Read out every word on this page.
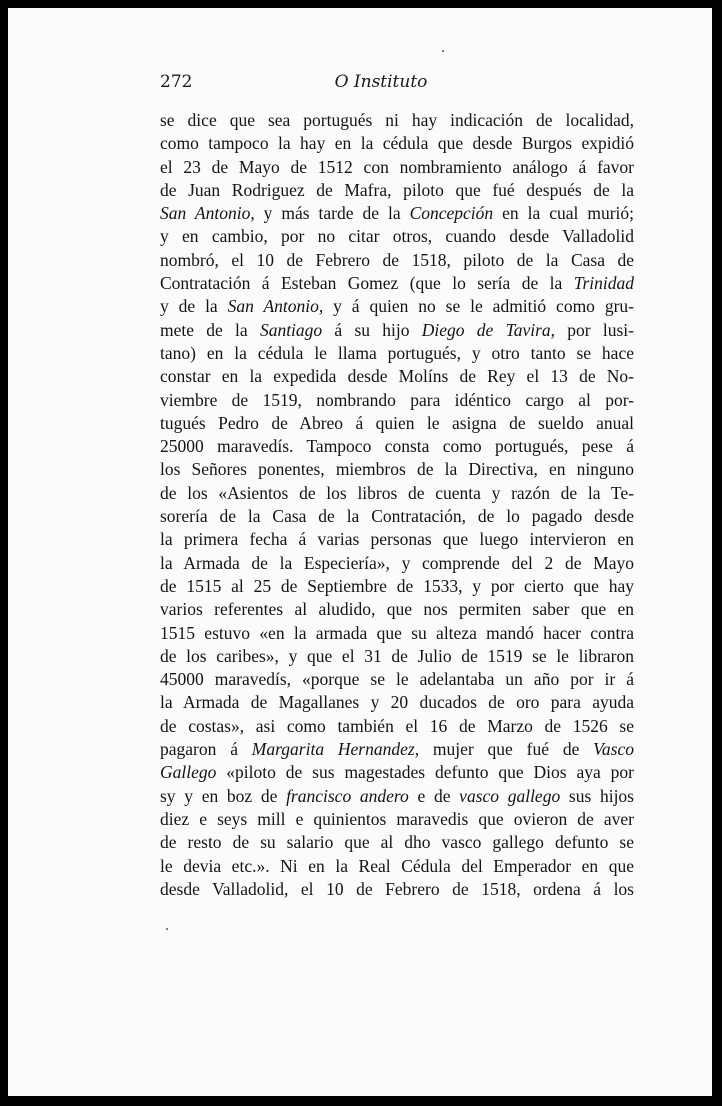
272	O Instituto
se dice que sea portugués ni hay indicación de localidad,
como tampoco la hay en la cédula que desde Burgos expidió
el 23 de Mayo de 1512 con nombramiento análogo á favor
de Juan Rodriguez de Mafra, piloto que fué después de la
San Antonio, y más tarde de la Concepción en la cual murió;
y en cambio, por no citar otros, cuando desde Valladolid
nombró, el 10 de Febrero de 1518, piloto de la Casa de
Contratación á Esteban Gomez (que lo sería de la Trinidad
y de la San Antonio, y á quien no se le admitió como gru-
mete de la Santiago á su hijo Diego de Tavira, por lusi-
tano) en la cédula le llama portugués, y otro tanto se hace
constar en la expedida desde Molíns de Rey el 13 de No-
viembre de 1519, nombrando para idéntico cargo al por-
tugués Pedro de Abreo á quien le asigna de sueldo anual
25000 maravedís. Tampoco consta como portugués, pese á
los Señores ponentes, miembros de la Directiva, en ninguno
de los «Asientos de los libros de cuenta y razón de la Te-
sorería de la Casa de la Contratación, de lo pagado desde
la primera fecha á varias personas que luego intervieron en
la Armada de la Especiería», y comprende del 2 de Mayo
de 1515 al 25 de Septiembre de 1533, y por cierto que hay
varios referentes al aludido, que nos permiten saber que en
1515 estuvo «en la armada que su alteza mandó hacer contra
de los caribes», y que el 31 de Julio de 1519 se le libraron
45000 maravedís, «porque se le adelantaba un año por ir á
la Armada de Magallanes y 20 ducados de oro para ayuda
de costas», asi como también el 16 de Marzo de 1526 se
pagaron á Margarita Hernandez, mujer que fué de Vasco
Gallego «piloto de sus magestades defunto que Dios aya por
sy y en boz de francisco andero e de vasco gallego sus hijos
diez e seys mill e quinientos maravedis que ovieron de aver
de resto de su salario que al dho vasco gallego defunto se
le devia etc.». Ni en la Real Cédula del Emperador en que
desde Valladolid, el 10 de Febrero de 1518, ordena á los
